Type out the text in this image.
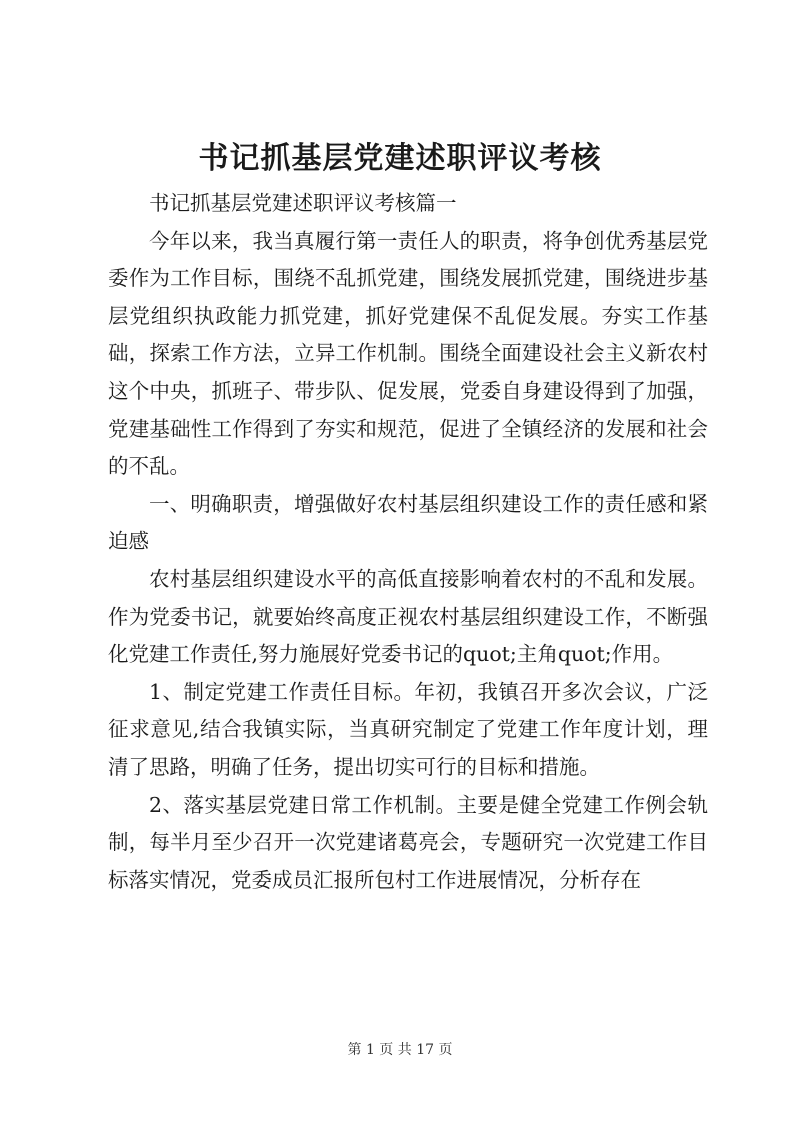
书记抓基层党建述职评议考核

书记抓基层党建述职评议考核篇一

今年以来，我当真履行第一责任人的职责，将争创优秀基层党委作为工作目标，围绕不乱抓党建，围绕发展抓党建，围绕进步基层党组织执政能力抓党建，抓好党建保不乱促发展。夯实工作基础，探索工作方法，立异工作机制。围绕全面建设社会主义新农村这个中央，抓班子、带步队、促发展，党委自身建设得到了加强，党建基础性工作得到了夯实和规范，促进了全镇经济的发展和社会的不乱。

一、明确职责，增强做好农村基层组织建设工作的责任感和紧迫感

农村基层组织建设水平的高低直接影响着农村的不乱和发展。作为党委书记，就要始终高度正视农村基层组织建设工作，不断强化党建工作责任,努力施展好党委书记的quot;主角quot;作用。

1、制定党建工作责任目标。年初，我镇召开多次会议，广泛征求意见,结合我镇实际，当真研究制定了党建工作年度计划，理清了思路，明确了任务，提出切实可行的目标和措施。

2、落实基层党建日常工作机制。主要是健全党建工作例会轨制，每半月至少召开一次党建诸葛亮会，专题研究一次党建工作目标落实情况，党委成员汇报所包村工作进展情况，分析存在

第 1 页 共 17 页
